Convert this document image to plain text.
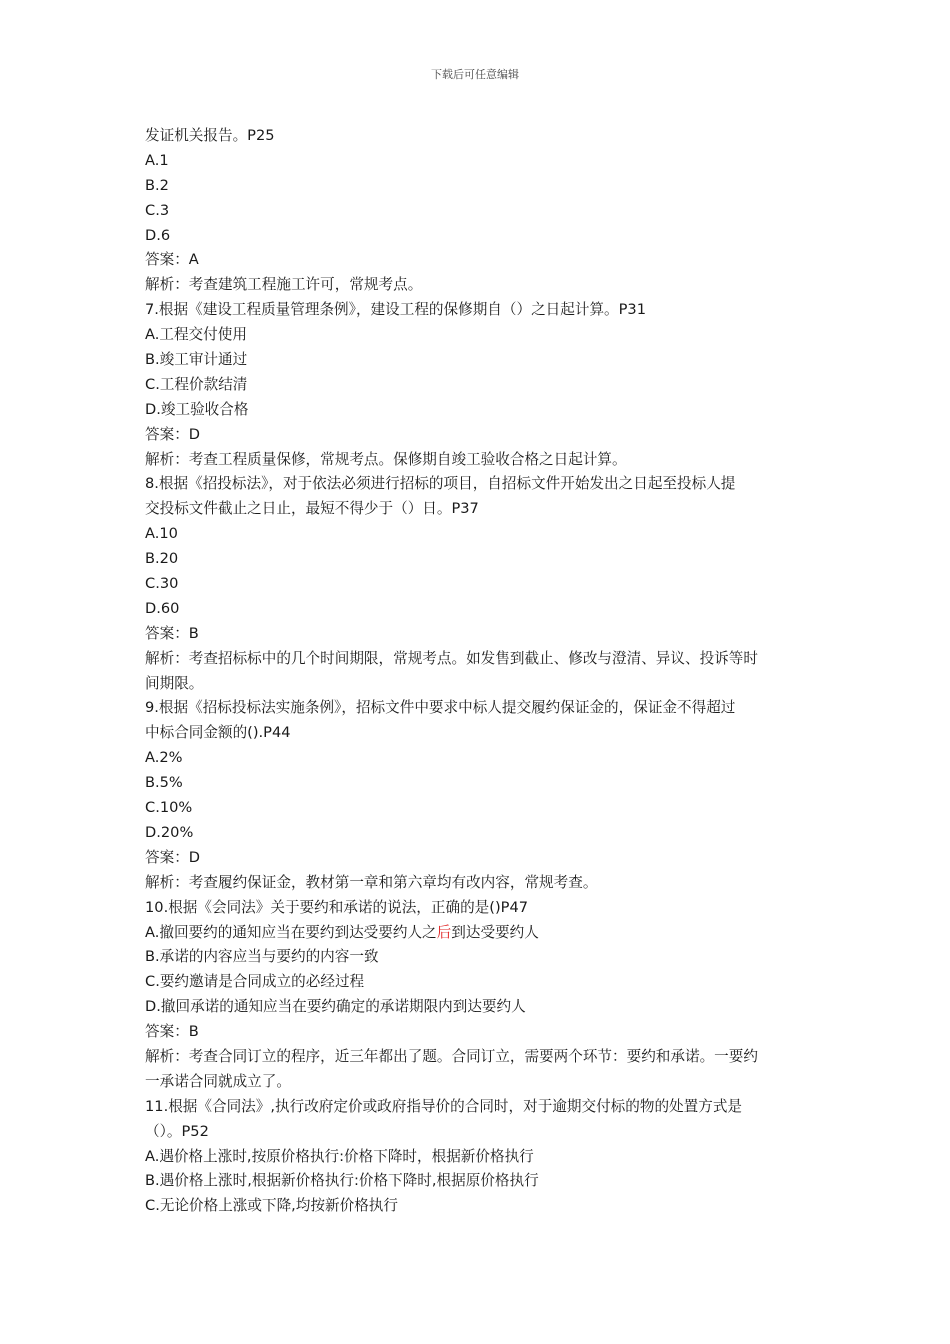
下载后可任意编辑
发证机关报告。P25
A.1
B.2
C.3
D.6
答案：A
解析：考查建筑工程施工许可，常规考点。
7.根据《建设工程质量管理条例》，建设工程的保修期自（）之日起计算。P31
A.工程交付使用
B.竣工审计通过
C.工程价款结清
D.竣工验收合格
答案：D
解析：考查工程质量保修，常规考点。保修期自竣工验收合格之日起计算。
8.根据《招投标法》，对于依法必须进行招标的项目，自招标文件开始发出之日起至投标人提
交投标文件截止之日止，最短不得少于（）日。P37
A.10
B.20
C.30
D.60
答案：B
解析：考查招标标中的几个时间期限，常规考点。如发售到截止、修改与澄清、异议、投诉等时
间期限。
9.根据《招标投标法实施条例》，招标文件中要求中标人提交履约保证金的，保证金不得超过
中标合同金额的().P44
A.2%
B.5%
C.10%
D.20%
答案：D
解析：考查履约保证金，教材第一章和第六章均有改内容，常规考查。
10.根据《会同法》关于要约和承诺的说法，正确的是()P47
A.撤回要约的通知应当在要约到达受要约人之后到达受要约人
B.承诺的内容应当与要约的内容一致
C.要约邀请是合同成立的必经过程
D.撤回承诺的通知应当在要约确定的承诺期限内到达要约人
答案：B
解析：考查合同订立的程序，近三年都出了题。合同订立，需要两个环节：要约和承诺。一要约
一承诺合同就成立了。
11.根据《合同法》,执行改府定价或政府指导价的合同时，对于逾期交付标的物的处置方式是
（）。P52
A.遇价格上涨时,按原价格执行:价格下降时，根据新价格执行
B.遇价格上涨时,根据新价格执行:价格下降时,根据原价格执行
C.无论价格上涨或下降,均按新价格执行
